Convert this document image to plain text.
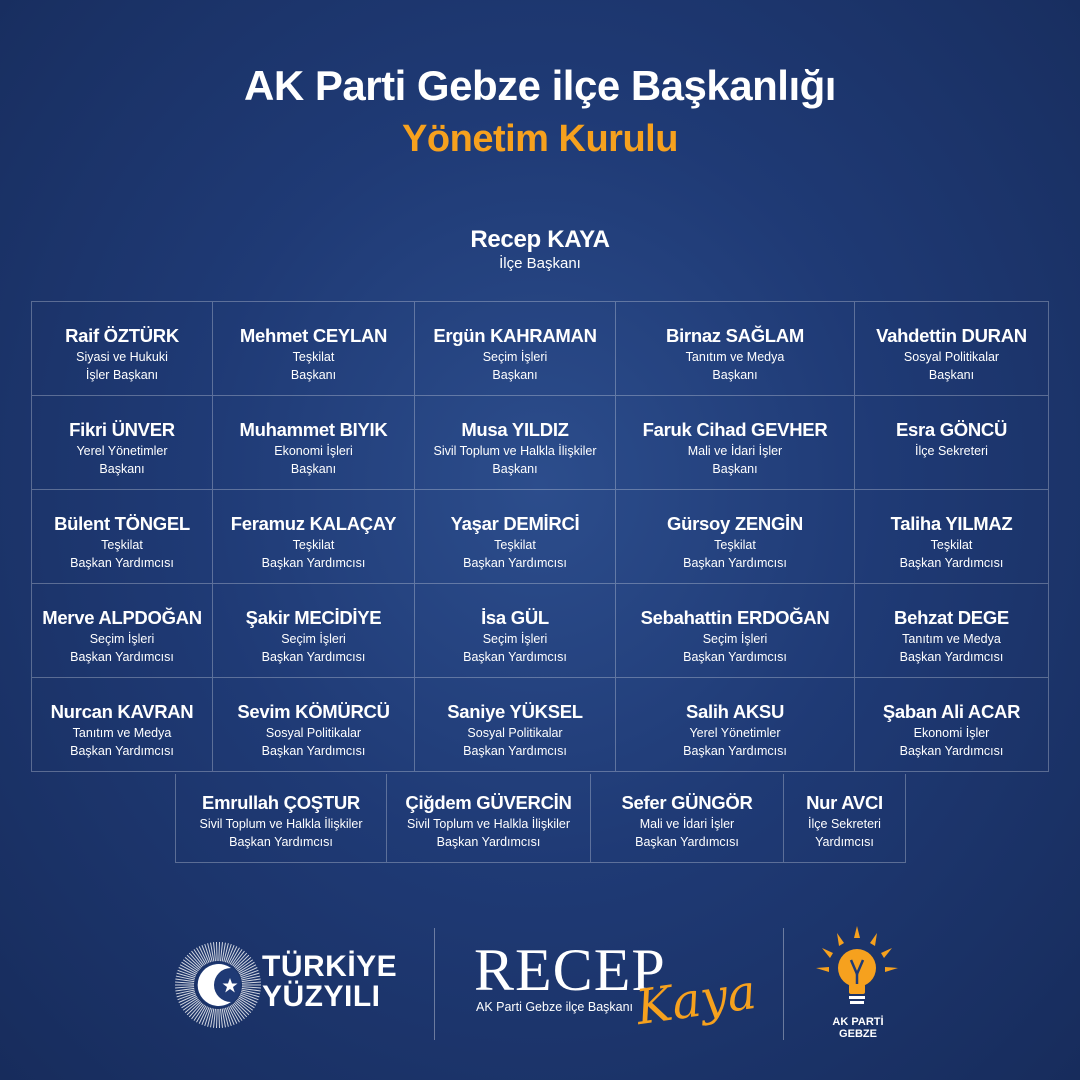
AK Parti Gebze ilçe Başkanlığı
Yönetim Kurulu
Recep KAYA
İlçe Başkanı
Raif ÖZTÜRK
Siyasi ve Hukuki
İşler Başkanı
Mehmet CEYLAN
Teşkilat
Başkanı
Ergün KAHRAMAN
Seçim İşleri
Başkanı
Birnaz SAĞLAM
Tanıtım ve Medya
Başkanı
Vahdettin DURAN
Sosyal Politikalar
Başkanı
Fikri ÜNVER
Yerel Yönetimler
Başkanı
Muhammet BIYIK
Ekonomi İşleri
Başkanı
Musa YILDIZ
Sivil Toplum ve Halkla İlişkiler
Başkanı
Faruk Cihad GEVHER
Mali ve İdari İşler
Başkanı
Esra GÖNCÜ
İlçe Sekreteri
Bülent TÖNGEL
Teşkilat
Başkan Yardımcısı
Feramuz KALAÇAY
Teşkilat
Başkan Yardımcısı
Yaşar DEMİRCİ
Teşkilat
Başkan Yardımcısı
Gürsoy ZENGİN
Teşkilat
Başkan Yardımcısı
Taliha YILMAZ
Teşkilat
Başkan Yardımcısı
Merve ALPDOĞAN
Seçim İşleri
Başkan Yardımcısı
Şakir MECİDİYE
Seçim İşleri
Başkan Yardımcısı
İsa GÜL
Seçim İşleri
Başkan Yardımcısı
Sebahattin ERDOĞAN
Seçim İşleri
Başkan Yardımcısı
Behzat DEGE
Tanıtım ve Medya
Başkan Yardımcısı
Nurcan KAVRAN
Tanıtım ve Medya
Başkan Yardımcısı
Sevim KÖMÜRCÜ
Sosyal Politikalar
Başkan Yardımcısı
Saniye YÜKSEL
Sosyal Politikalar
Başkan Yardımcısı
Salih AKSU
Yerel Yönetimler
Başkan Yardımcısı
Şaban Ali ACAR
Ekonomi İşler
Başkan Yardımcısı
Emrullah ÇOŞTUR
Sivil Toplum ve Halkla İlişkiler
Başkan Yardımcısı
Çiğdem GÜVERCİN
Sivil Toplum ve Halkla İlişkiler
Başkan Yardımcısı
Sefer GÜNGÖR
Mali ve İdari İşler
Başkan Yardımcısı
Nur AVCI
İlçe Sekreteri
Yardımcısı
TÜRKİYE
YÜZYILI RECEP
AK Parti Gebze ilçe Başkanı Kaya	AK PARTİ
GEBZE
